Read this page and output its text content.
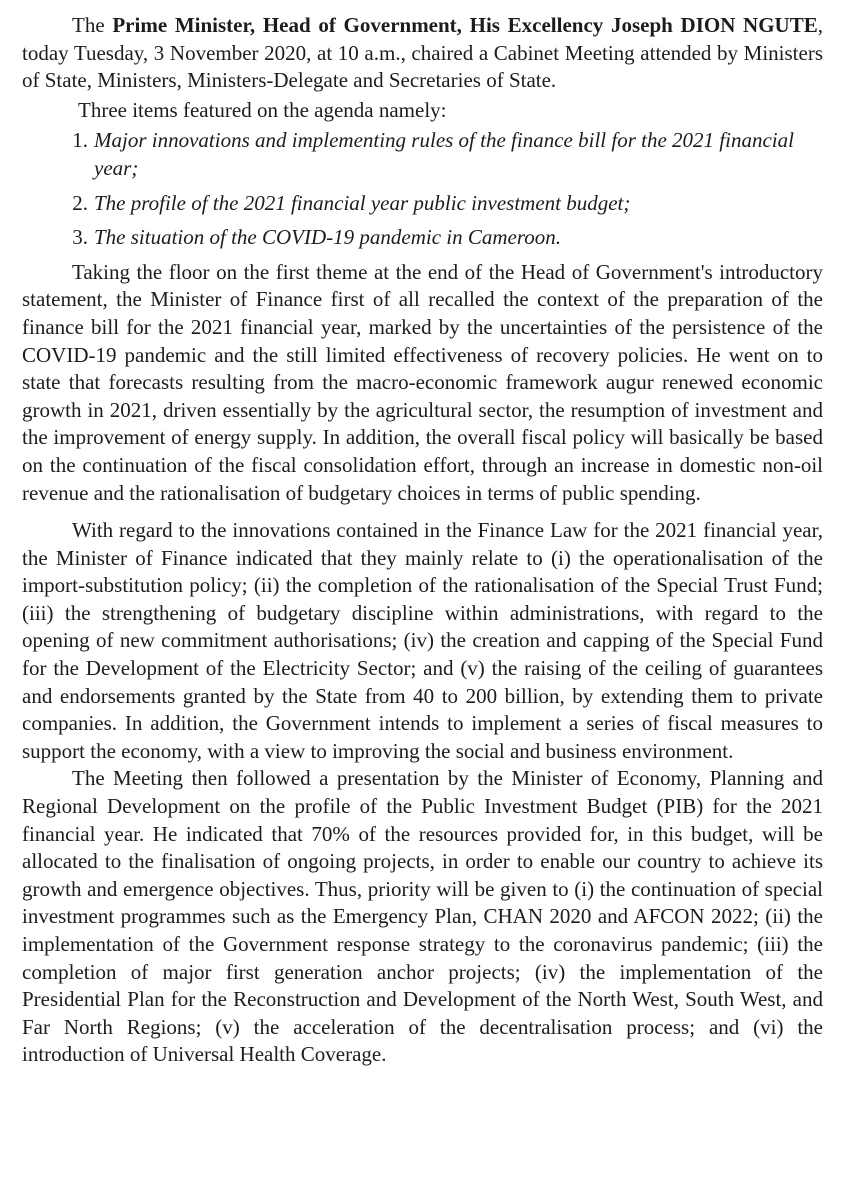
The Prime Minister, Head of Government, His Excellency Joseph DION NGUTE, today Tuesday, 3 November 2020, at 10 a.m., chaired a Cabinet Meeting attended by Ministers of State, Ministers, Ministers-Delegate and Secretaries of State.

Three items featured on the agenda namely:

1. Major innovations and implementing rules of the finance bill for the 2021 financial year;
2. The profile of the 2021 financial year public investment budget;
3. The situation of the COVID-19 pandemic in Cameroon.

Taking the floor on the first theme at the end of the Head of Government's introductory statement, the Minister of Finance first of all recalled the context of the preparation of the finance bill for the 2021 financial year, marked by the uncertainties of the persistence of the COVID-19 pandemic and the still limited effectiveness of recovery policies. He went on to state that forecasts resulting from the macro-economic framework augur renewed economic growth in 2021, driven essentially by the agricultural sector, the resumption of investment and the improvement of energy supply. In addition, the overall fiscal policy will basically be based on the continuation of the fiscal consolidation effort, through an increase in domestic non-oil revenue and the rationalisation of budgetary choices in terms of public spending.

With regard to the innovations contained in the Finance Law for the 2021 financial year, the Minister of Finance indicated that they mainly relate to (i) the operationalisation of the import-substitution policy; (ii) the completion of the rationalisation of the Special Trust Fund; (iii) the strengthening of budgetary discipline within administrations, with regard to the opening of new commitment authorisations; (iv) the creation and capping of the Special Fund for the Development of the Electricity Sector; and (v) the raising of the ceiling of guarantees and endorsements granted by the State from 40 to 200 billion, by extending them to private companies. In addition, the Government intends to implement a series of fiscal measures to support the economy, with a view to improving the social and business environment.

The Meeting then followed a presentation by the Minister of Economy, Planning and Regional Development on the profile of the Public Investment Budget (PIB) for the 2021 financial year. He indicated that 70% of the resources provided for, in this budget, will be allocated to the finalisation of ongoing projects, in order to enable our country to achieve its growth and emergence objectives. Thus, priority will be given to (i) the continuation of special investment programmes such as the Emergency Plan, CHAN 2020 and AFCON 2022; (ii) the implementation of the Government response strategy to the coronavirus pandemic; (iii) the completion of major first generation anchor projects; (iv) the implementation of the Presidential Plan for the Reconstruction and Development of the North West, South West, and Far North Regions; (v) the acceleration of the decentralisation process; and (vi) the introduction of Universal Health Coverage.
